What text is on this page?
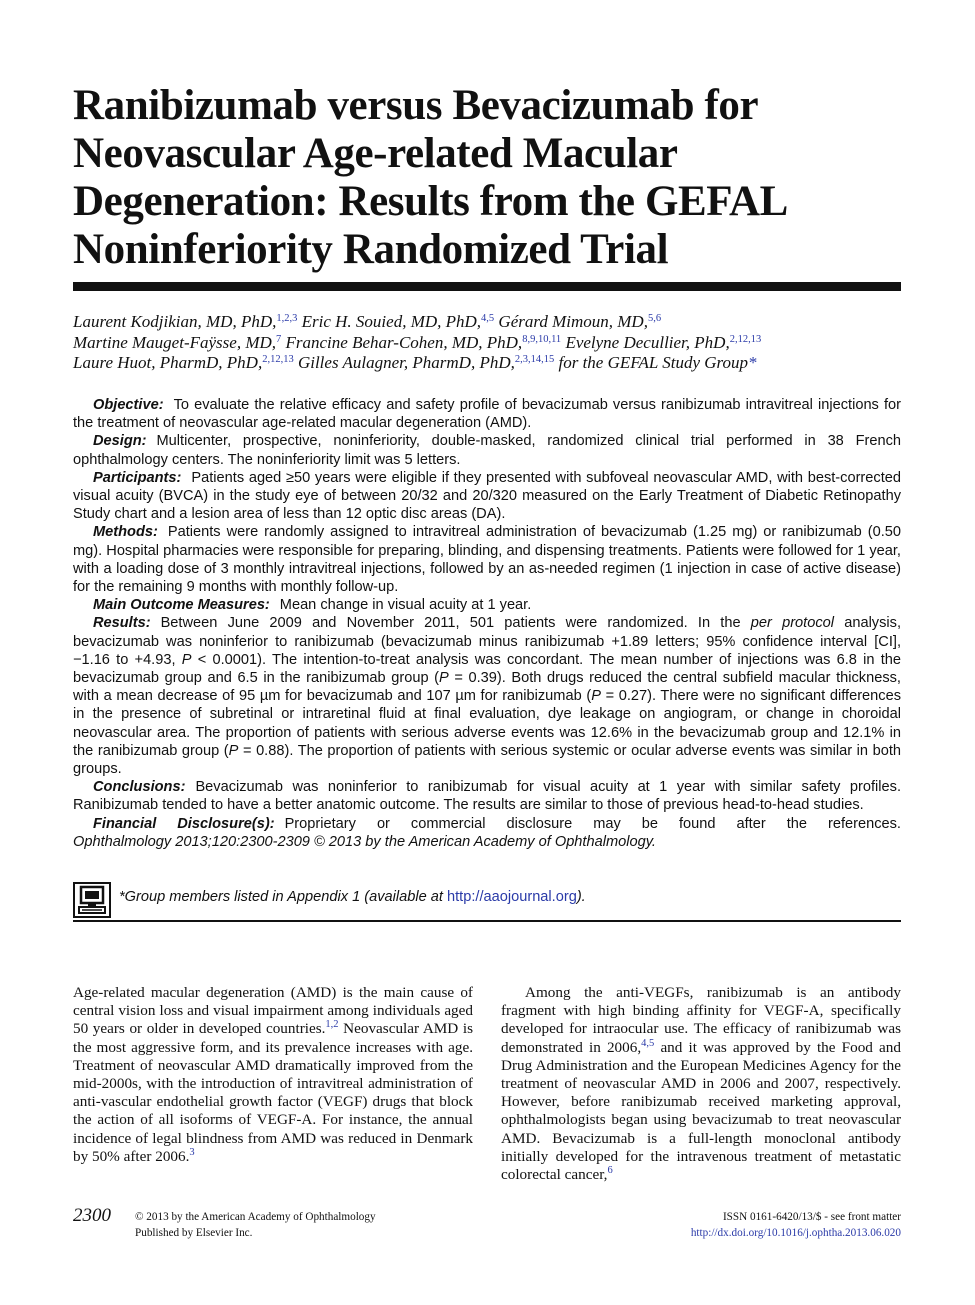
Ranibizumab versus Bevacizumab for
Neovascular Age-related Macular
Degeneration: Results from the GEFAL
Noninferiority Randomized Trial
Laurent Kodjikian, MD, PhD,$^{1,2,3}$ Eric H. Souied, MD, PhD,$^{4,5}$ Gérard Mimoun, MD,$^{5,6}$
Martine Mauget-Faÿsse, MD,$^7$ Francine Behar-Cohen, MD, PhD,$^{8,9,10,11}$ Evelyne Decullier, PhD,$^{2,12,13}$
Laure Huot, PharmD, PhD,$^{2,12,13}$ Gilles Aulagner, PharmD, PhD,$^{2,3,14,15}$ for the GEFAL Study Group*

Objective: To evaluate the relative efficacy and safety profile of bevacizumab versus ranibizumab intravitreal injections for the treatment of neovascular age-related macular degeneration (AMD).

Design: Multicenter, prospective, noninferiority, double-masked, randomized clinical trial performed in 38 French ophthalmology centers. The noninferiority limit was 5 letters.

Participants: Patients aged ≥50 years were eligible if they presented with subfoveal neovascular AMD, with best-corrected visual acuity (BVCA) in the study eye of between 20/32 and 20/320 measured on the Early Treatment of Diabetic Retinopathy Study chart and a lesion area of less than 12 optic disc areas (DA).

Methods: Patients were randomly assigned to intravitreal administration of bevacizumab (1.25 mg) or ranibizumab (0.50 mg). Hospital pharmacies were responsible for preparing, blinding, and dispensing treatments. Patients were followed for 1 year, with a loading dose of 3 monthly intravitreal injections, followed by an as-needed regimen (1 injection in case of active disease) for the remaining 9 months with monthly follow-up.

Main Outcome Measures: Mean change in visual acuity at 1 year.

Results: Between June 2009 and November 2011, 501 patients were randomized. In the per protocol analysis, bevacizumab was noninferior to ranibizumab (bevacizumab minus ranibizumab +1.89 letters; 95% confidence interval [CI], −1.16 to +4.93, P < 0.0001). The intention-to-treat analysis was concordant. The mean number of injections was 6.8 in the bevacizumab group and 6.5 in the ranibizumab group (P = 0.39). Both drugs reduced the central subfield macular thickness, with a mean decrease of 95 µm for bevacizumab and 107 µm for ranibizumab (P = 0.27). There were no significant differences in the presence of subretinal or intraretinal fluid at final evaluation, dye leakage on angiogram, or change in choroidal neovascular area. The proportion of patients with serious adverse events was 12.6% in the bevacizumab group and 12.1% in the ranibizumab group (P = 0.88). The proportion of patients with serious systemic or ocular adverse events was similar in both groups.

Conclusions: Bevacizumab was noninferior to ranibizumab for visual acuity at 1 year with similar safety profiles. Ranibizumab tended to have a better anatomic outcome. The results are similar to those of previous head-to-head studies.

Financial Disclosure(s): Proprietary or commercial disclosure may be found after the references.

Ophthalmology 2013;120:2300-2309 © 2013 by the American Academy of Ophthalmology.

*Group members listed in Appendix 1 (available at http://aaojournal.org).

Age-related macular degeneration (AMD) is the main cause of central vision loss and visual impairment among individuals aged 50 years or older in developed countries.$^{1,2}$ Neovascular AMD is the most aggressive form, and its prevalence increases with age. Treatment of neovascular AMD dramatically improved from the mid-2000s, with the introduction of intravitreal administration of anti-vascular endothelial growth factor (VEGF) drugs that block the action of all isoforms of VEGF-A. For instance, the annual incidence of legal blindness from AMD was reduced in Denmark by 50% after 2006.$^3$

Among the anti-VEGFs, ranibizumab is an antibody fragment with high binding affinity for VEGF-A, specifically developed for intraocular use. The efficacy of ranibizumab was demonstrated in 2006,$^{4,5}$ and it was approved by the Food and Drug Administration and the European Medicines Agency for the treatment of neovascular AMD in 2006 and 2007, respectively. However, before ranibizumab received marketing approval, ophthalmologists began using bevacizumab to treat neovascular AMD. Bevacizumab is a full-length monoclonal antibody initially developed for the intravenous treatment of metastatic colorectal cancer,$^6$

2300 © 2013 by the American Academy of Ophthalmology
Published by Elsevier Inc.
ISSN 0161-6420/13/$ - see front matter
http://dx.doi.org/10.1016/j.ophtha.2013.06.020
